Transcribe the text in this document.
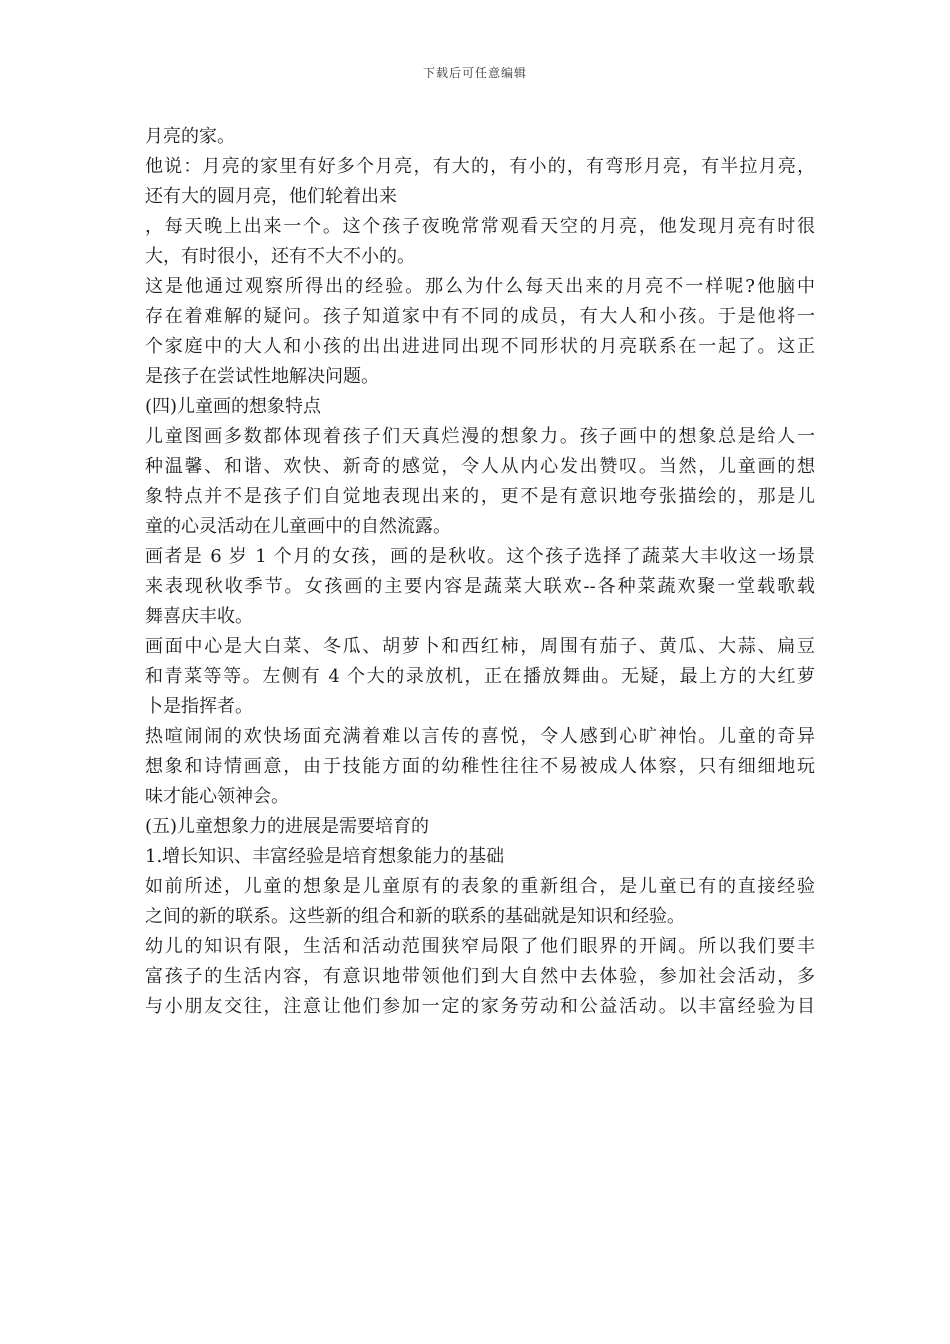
下载后可任意编辑
月亮的家。
他说：月亮的家里有好多个月亮，有大的，有小的，有弯形月亮，有半拉月亮，
还有大的圆月亮，他们轮着出来
，每天晚上出来一个。这个孩子夜晚常常观看天空的月亮，他发现月亮有时很
大，有时很小，还有不大不小的。
这是他通过观察所得出的经验。那么为什么每天出来的月亮不一样呢?他脑中
存在着难解的疑问。孩子知道家中有不同的成员，有大人和小孩。于是他将一
个家庭中的大人和小孩的出出进进同出现不同形状的月亮联系在一起了。这正
是孩子在尝试性地解决问题。
(四)儿童画的想象特点
儿童图画多数都体现着孩子们天真烂漫的想象力。孩子画中的想象总是给人一
种温馨、和谐、欢快、新奇的感觉，令人从内心发出赞叹。当然，儿童画的想
象特点并不是孩子们自觉地表现出来的，更不是有意识地夸张描绘的，那是儿
童的心灵活动在儿童画中的自然流露。
画者是 6 岁 1 个月的女孩，画的是秋收。这个孩子选择了蔬菜大丰收这一场景
来表现秋收季节。女孩画的主要内容是蔬菜大联欢--各种菜蔬欢聚一堂载歌载
舞喜庆丰收。
画面中心是大白菜、冬瓜、胡萝卜和西红柿，周围有茄子、黄瓜、大蒜、扁豆
和青菜等等。左侧有 4 个大的录放机，正在播放舞曲。无疑，最上方的大红萝
卜是指挥者。
热喧闹闹的欢快场面充满着难以言传的喜悦，令人感到心旷神怡。儿童的奇异
想象和诗情画意，由于技能方面的幼稚性往往不易被成人体察，只有细细地玩
味才能心领神会。
(五)儿童想象力的进展是需要培育的
1.增长知识、丰富经验是培育想象能力的基础
如前所述，儿童的想象是儿童原有的表象的重新组合，是儿童已有的直接经验
之间的新的联系。这些新的组合和新的联系的基础就是知识和经验。
幼儿的知识有限，生活和活动范围狭窄局限了他们眼界的开阔。所以我们要丰
富孩子的生活内容，有意识地带领他们到大自然中去体验，参加社会活动，多
与小朋友交往，注意让他们参加一定的家务劳动和公益活动。以丰富经验为目
